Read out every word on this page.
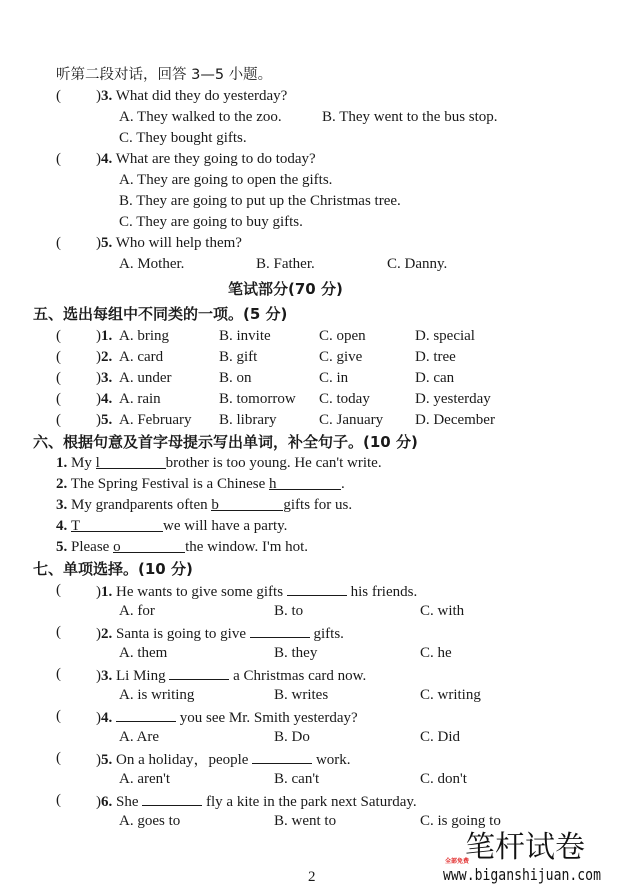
听第二段对话，回答 3—5 小题。
( )3. What did they do yesterday?
A. They walked to the zoo.	B. They went to the bus stop.
C. They bought gifts.
( )4. What are they going to do today?
A. They are going to open the gifts.
B. They are going to put up the Christmas tree.
C. They are going to buy gifts.
( )5. Who will help them?
A. Mother.	B. Father.	C. Danny.
笔试部分(70 分)
五、选出每组中不同类的一项。(5 分)
( )1. A. bring	B. invite	C. open	D. special
( )2. A. card	B. gift	C. give	D. tree
( )3. A. under	B. on	C. in	D. can
( )4. A. rain	B. tomorrow C. today	D. yesterday
( )5. A. February B. library	C. January D. December
六、根据句意及首字母提示写出单词，补全句子。(10 分)
1. My l	brother is too young. He can't write.
2. The Spring Festival is a Chinese h	.
3. My grandparents often b	gifts for us.
4. T	we will have a party.
5. Please o	the window. I'm hot.
七、单项选择。(10 分)
( )1. He wants to give some gifts	his friends.
A. for	B. to	C. with
( )2. Santa is going to give	gifts.
A. them	B. they	C. he
( )3. Li Ming	a Christmas card now.
A. is writing	B. writes	C. writing
( )4.	you see Mr. Smith yesterday?
A. Are	B. Do	C. Did
( )5. On a holiday，people	work.
A. aren't	B. can't	C. don't
( )6. She	fly a kite in the park next Saturday.
A. goes to	B. went to	C. is going to
2
笔杆试卷
全部免费
www.biganshijuan.com
